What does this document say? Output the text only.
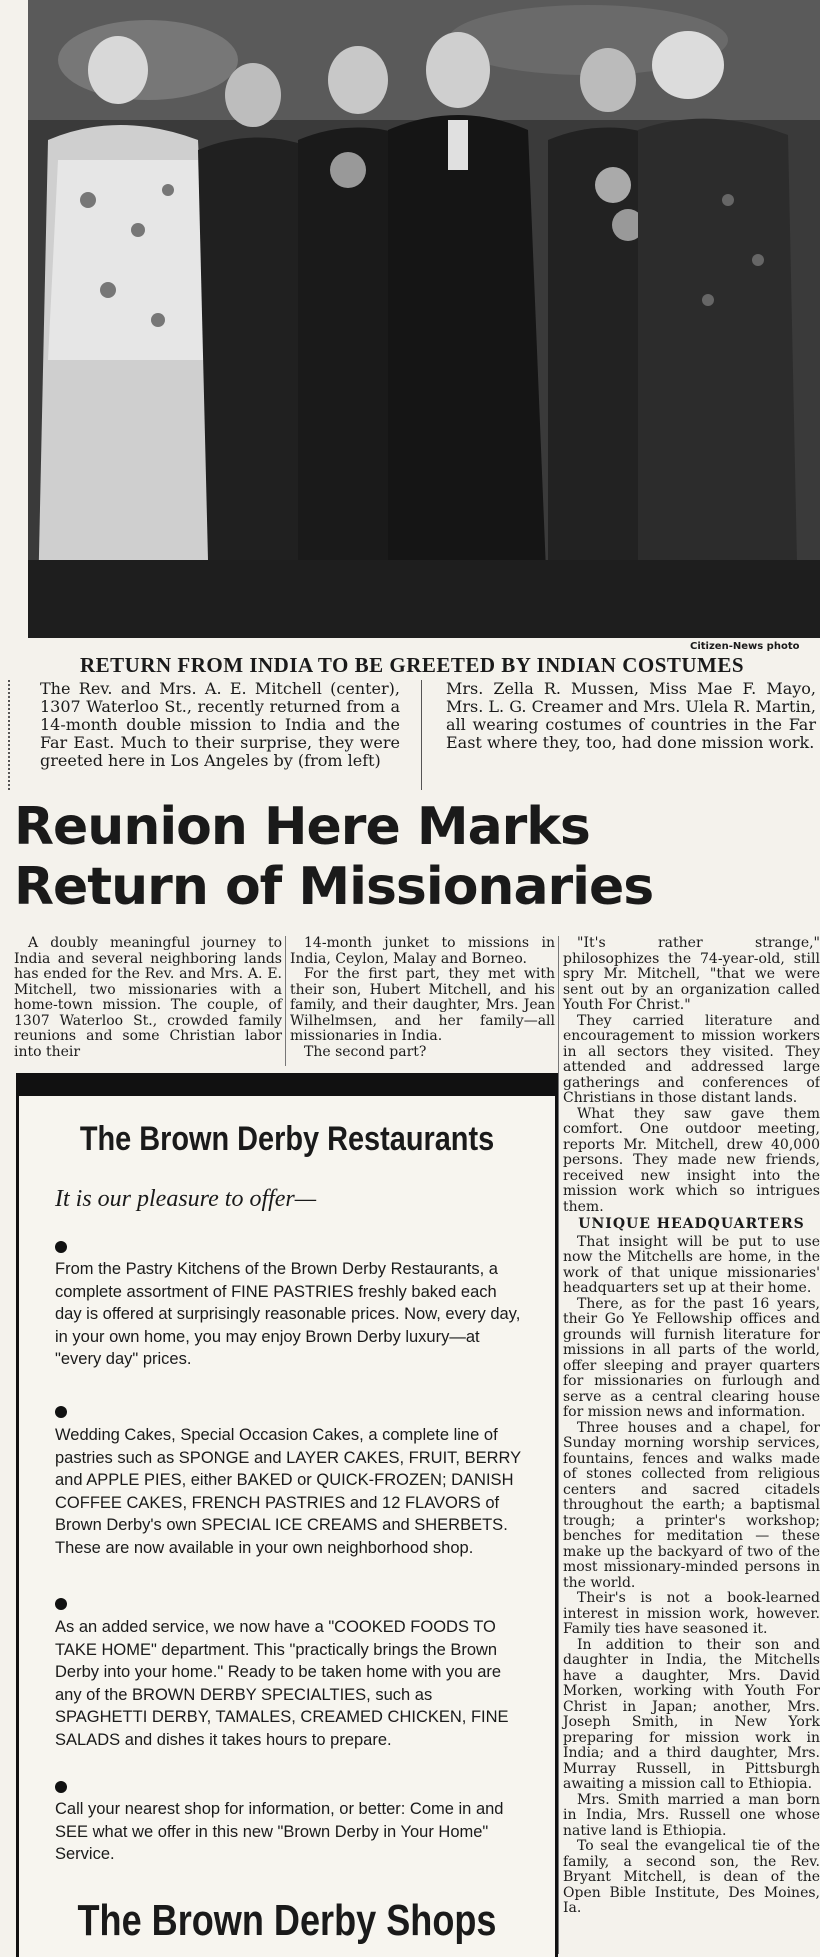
Citizen-News photo
RETURN FROM INDIA TO BE GREETED BY INDIAN COSTUMES
The Rev. and Mrs. A. E. Mitchell (center), 1307 Waterloo St., recently returned from a 14-month double mission to India and the Far East. Much to their surprise, they were greeted here in Los Angeles by (from left)
Mrs. Zella R. Mussen, Miss Mae F. Mayo, Mrs. L. G. Creamer and Mrs. Ulela R. Martin, all wearing costumes of countries in the Far East where they, too, had done mission work.
Reunion Here Marks
Return of Missionaries

A doubly meaningful journey to India and several neighboring lands has ended for the Rev. and Mrs. A. E. Mitchell, two missionaries with a home-town mission. The couple, of 1307 Waterloo St., crowded family reunions and some Christian labor into their

14-month junket to missions in India, Ceylon, Malay and Borneo.

For the first part, they met with their son, Hubert Mitchell, and his family, and their daughter, Mrs. Jean Wilhelmsen, and her family—all missionaries in India.

The second part?

"It's rather strange," philosophizes the 74-year-old, still spry Mr. Mitchell, "that we were sent out by an organization called Youth For Christ."

They carried literature and encouragement to mission workers in all sectors they visited. They attended and addressed large gatherings and conferences of Christians in those distant lands.

What they saw gave them comfort. One outdoor meeting, reports Mr. Mitchell, drew 40,000 persons. They made new friends, received new insight into the mission work which so intrigues them.

UNIQUE HEADQUARTERS

That insight will be put to use now the Mitchells are home, in the work of that unique missionaries' headquarters set up at their home.

There, as for the past 16 years, their Go Ye Fellowship offices and grounds will furnish literature for missions in all parts of the world, offer sleeping and prayer quarters for missionaries on furlough and serve as a central clearing house for mission news and information.

Three houses and a chapel, for Sunday morning worship services, fountains, fences and walks made of stones collected from religious centers and sacred citadels throughout the earth; a baptismal trough; a printer's workshop; benches for meditation — these make up the backyard of two of the most missionary-minded persons in the world.

Their's is not a book-learned interest in mission work, however. Family ties have seasoned it.

In addition to their son and daughter in India, the Mitchells have a daughter, Mrs. David Morken, working with Youth For Christ in Japan; another, Mrs. Joseph Smith, in New York preparing for mission work in India; and a third daughter, Mrs. Murray Russell, in Pittsburgh awaiting a mission call to Ethiopia.

Mrs. Smith married a man born in India, Mrs. Russell one whose native land is Ethiopia.

To seal the evangelical tie of the family, a second son, the Rev. Bryant Mitchell, is dean of the Open Bible Institute, Des Moines, Ia.

The Brown Derby Restaurants
It is our pleasure to offer—
From the Pastry Kitchens of the Brown Derby Restaurants, a complete assortment of FINE PASTRIES freshly baked each day is offered at surprisingly reasonable prices. Now, every day, in your own home, you may enjoy Brown Derby luxury—at "every day" prices.
Wedding Cakes, Special Occasion Cakes, a complete line of pastries such as SPONGE and LAYER CAKES, FRUIT, BERRY and APPLE PIES, either BAKED or QUICK-FROZEN; DANISH COFFEE CAKES, FRENCH PASTRIES and 12 FLAVORS of Brown Derby's own SPECIAL ICE CREAMS and SHERBETS. These are now available in your own neighborhood shop.
As an added service, we now have a "COOKED FOODS TO TAKE HOME" department. This "practically brings the Brown Derby into your home." Ready to be taken home with you are any of the BROWN DERBY SPECIALTIES, such as SPAGHETTI DERBY, TAMALES, CREAMED CHICKEN, FINE SALADS and dishes it takes hours to prepare.
Call your nearest shop for information, or better: Come in and SEE what we offer in this new "Brown Derby in Your Home" Service.
The Brown Derby Shops
